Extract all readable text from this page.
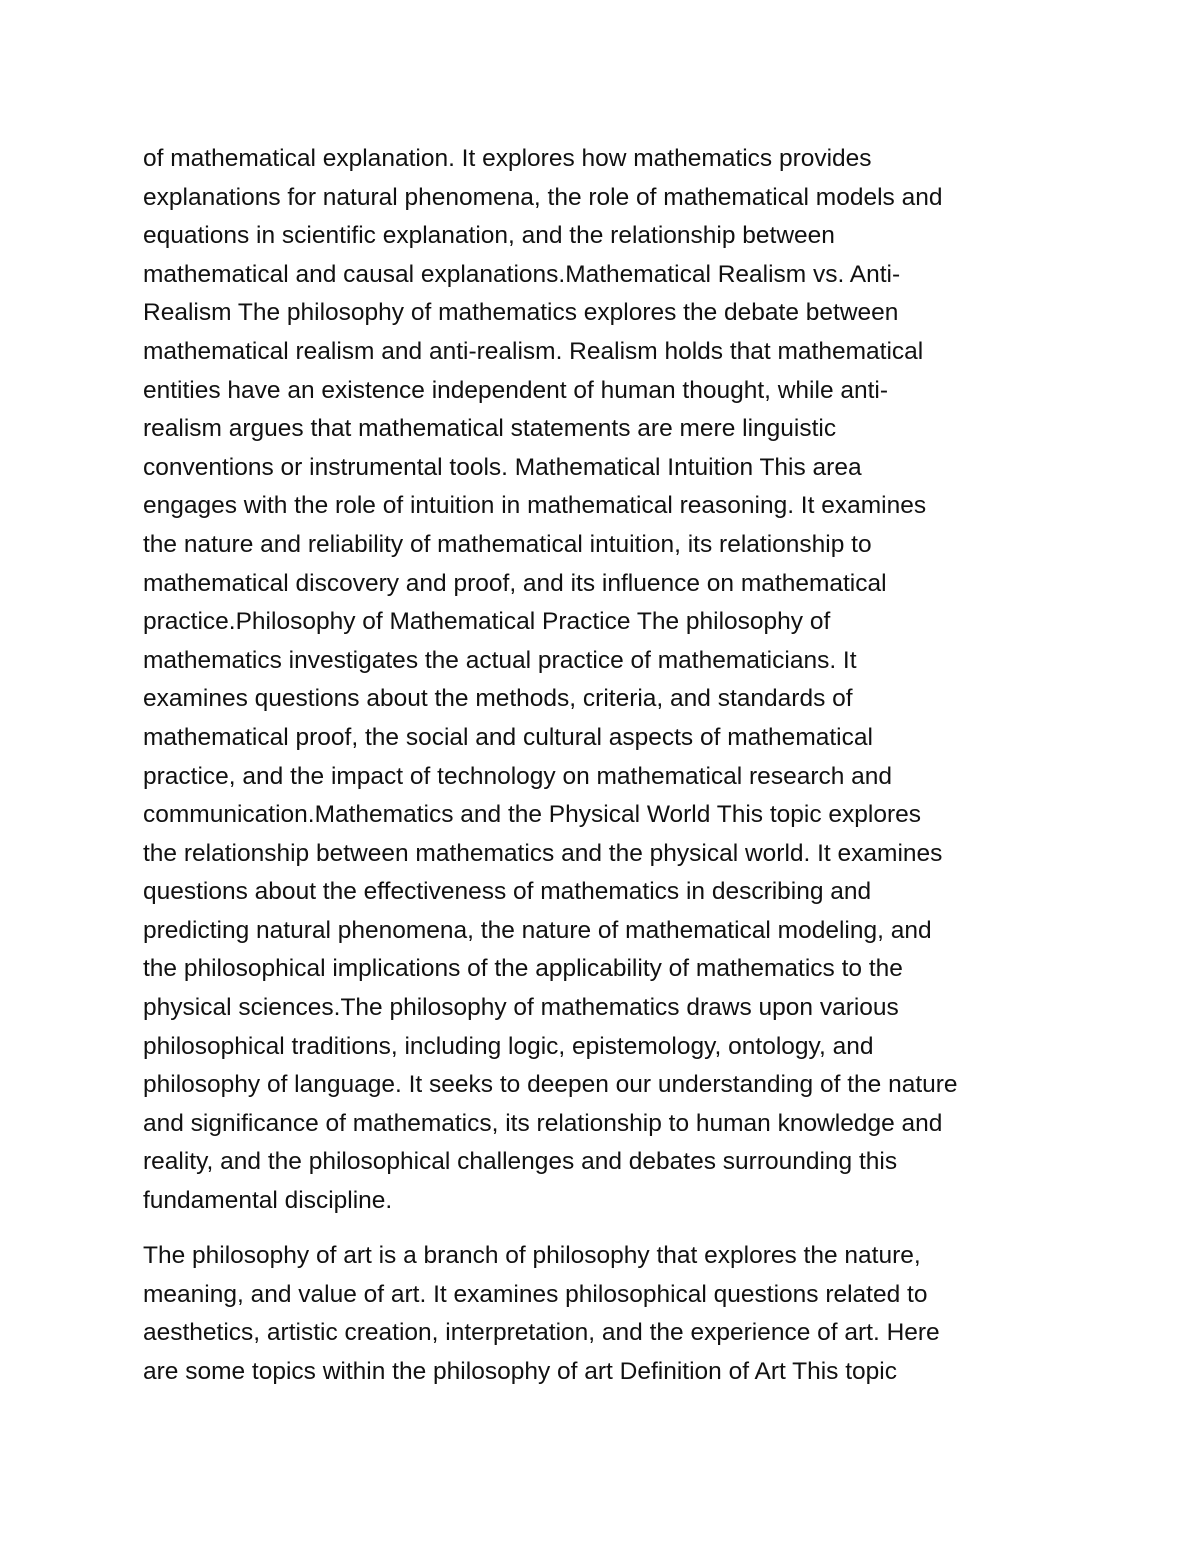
of mathematical explanation. It explores how mathematics provides
explanations for natural phenomena, the role of mathematical models and
equations in scientific explanation, and the relationship between
mathematical and causal explanations.Mathematical Realism vs. Anti-
Realism The philosophy of mathematics explores the debate between
mathematical realism and anti-realism. Realism holds that mathematical
entities have an existence independent of human thought, while anti-
realism argues that mathematical statements are mere linguistic
conventions or instrumental tools. Mathematical Intuition This area
engages with the role of intuition in mathematical reasoning. It examines
the nature and reliability of mathematical intuition, its relationship to
mathematical discovery and proof, and its influence on mathematical
practice.Philosophy of Mathematical Practice The philosophy of
mathematics investigates the actual practice of mathematicians. It
examines questions about the methods, criteria, and standards of
mathematical proof, the social and cultural aspects of mathematical
practice, and the impact of technology on mathematical research and
communication.Mathematics and the Physical World This topic explores
the relationship between mathematics and the physical world. It examines
questions about the effectiveness of mathematics in describing and
predicting natural phenomena, the nature of mathematical modeling, and
the philosophical implications of the applicability of mathematics to the
physical sciences.The philosophy of mathematics draws upon various
philosophical traditions, including logic, epistemology, ontology, and
philosophy of language. It seeks to deepen our understanding of the nature
and significance of mathematics, its relationship to human knowledge and
reality, and the philosophical challenges and debates surrounding this
fundamental discipline.
The philosophy of art is a branch of philosophy that explores the nature,
meaning, and value of art. It examines philosophical questions related to
aesthetics, artistic creation, interpretation, and the experience of art. Here
are some topics within the philosophy of art Definition of Art This topic
